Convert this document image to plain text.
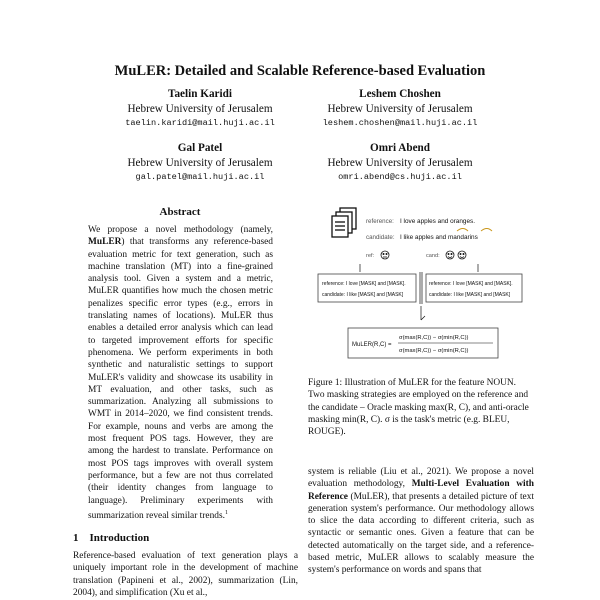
MuLER: Detailed and Scalable Reference-based Evaluation
Taelin Karidi
Hebrew University of Jerusalem
taelin.karidi@mail.huji.ac.il
Leshem Choshen
Hebrew University of Jerusalem
leshem.choshen@mail.huji.ac.il
Gal Patel
Hebrew University of Jerusalem
gal.patel@mail.huji.ac.il
Omri Abend
Hebrew University of Jerusalem
omri.abend@cs.huji.ac.il
Abstract
We propose a novel methodology (namely, MuLER) that transforms any reference-based evaluation metric for text generation, such as machine translation (MT) into a fine-grained analysis tool. Given a system and a metric, MuLER quantifies how much the chosen metric penalizes specific error types (e.g., errors in translating names of locations). MuLER thus enables a detailed error analysis which can lead to targeted improvement efforts for specific phenomena. We perform experiments in both synthetic and naturalistic settings to support MuLER's validity and showcase its usability in MT evaluation, and other tasks, such as summarization. Analyzing all submissions to WMT in 2014–2020, we find consistent trends. For example, nouns and verbs are among the most frequent POS tags. However, they are among the hardest to translate. Performance on most POS tags improves with overall system performance, but a few are not thus correlated (their identity changes from language to language). Preliminary experiments with summarization reveal similar trends.$^1$
1 Introduction
Reference-based evaluation of text generation plays a uniquely important role in the development of machine translation (Papineni et al., 2002), summarization (Lin, 2004), and simplification (Xu et al.,
reference: I love apples and oranges.
candidate: I like apples and mandarins
ref:	cand:
reference: I love [MASK] and [MASK].
candidate: I like [MASK] and [MASK]
reference: I love [MASK] and [MASK].
candidate: I like [MASK] and [MASK]
MuLER(R,C) =
σ(max(R,C)) − σ(min(R,C))
σ(max(R,C)) − σ(min(R,C))
Figure 1: Illustration of MuLER for the feature NOUN. Two masking strategies are employed on the reference and the candidate – Oracle masking max(R, C), and anti-oracle masking min(R, C). σ is the task's metric (e.g. BLEU, ROUGE).
system is reliable (Liu et al., 2021). We propose a novel evaluation methodology, Multi-Level Evaluation with Reference (MuLER), that presents a detailed picture of text generation system's performance. Our methodology allows to slice the data according to different criteria, such as syntactic or semantic ones. Given a feature that can be detected automatically on the target side, and a reference-based metric, MuLER allows to scalably measure the system's performance on words and spans that
